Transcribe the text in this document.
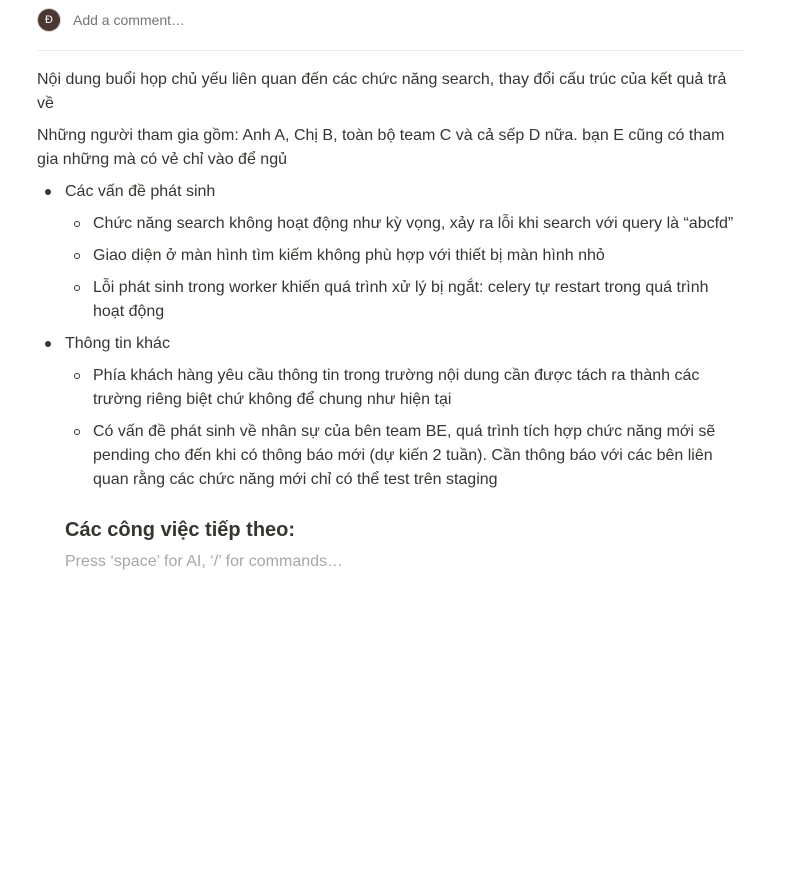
Đ
Add a comment…

Nội dung buổi họp chủ yếu liên quan đến các chức năng search, thay đổi cấu trúc của kết quả trả về

Những người tham gia gồm: Anh A, Chị B, toàn bộ team C và cả sếp D nữa. bạn E cũng có tham gia những mà có vẻ chỉ vào để ngủ

Các vấn đề phát sinh
Chức năng search không hoạt động như kỳ vọng, xảy ra lỗi khi search với query là “abcfd”
Giao diện ở màn hình tìm kiếm không phù hợp với thiết bị màn hình nhỏ
Lỗi phát sinh trong worker khiến quá trình xử lý bị ngắt: celery tự restart trong quá trình hoạt động
Thông tin khác
Phía khách hàng yêu cầu thông tin trong trường nội dung cần được tách ra thành các trường riêng biệt chứ không để chung như hiện tại
Có vấn đề phát sinh về nhân sự của bên team BE, quá trình tích hợp chức năng mới sẽ pending cho đến khi có thông báo mới (dự kiến 2 tuần). Cần thông báo với các bên liên quan rằng các chức năng mới chỉ có thể test trên staging
Các công việc tiếp theo:
Press ‘space’ for AI, ‘/’ for commands…
